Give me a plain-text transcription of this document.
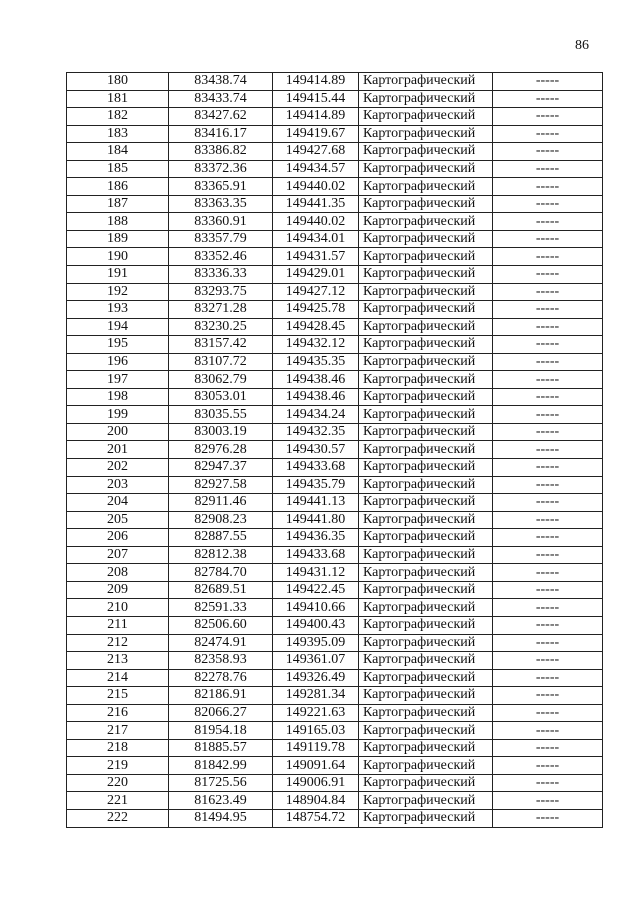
86
180	83438.74	149414.89	Картографический	-----
181	83433.74	149415.44	Картографический	-----
182	83427.62	149414.89	Картографический	-----
183	83416.17	149419.67	Картографический	-----
184	83386.82	149427.68	Картографический	-----
185	83372.36	149434.57	Картографический	-----
186	83365.91	149440.02	Картографический	-----
187	83363.35	149441.35	Картографический	-----
188	83360.91	149440.02	Картографический	-----
189	83357.79	149434.01	Картографический	-----
190	83352.46	149431.57	Картографический	-----
191	83336.33	149429.01	Картографический	-----
192	83293.75	149427.12	Картографический	-----
193	83271.28	149425.78	Картографический	-----
194	83230.25	149428.45	Картографический	-----
195	83157.42	149432.12	Картографический	-----
196	83107.72	149435.35	Картографический	-----
197	83062.79	149438.46	Картографический	-----
198	83053.01	149438.46	Картографический	-----
199	83035.55	149434.24	Картографический	-----
200	83003.19	149432.35	Картографический	-----
201	82976.28	149430.57	Картографический	-----
202	82947.37	149433.68	Картографический	-----
203	82927.58	149435.79	Картографический	-----
204	82911.46	149441.13	Картографический	-----
205	82908.23	149441.80	Картографический	-----
206	82887.55	149436.35	Картографический	-----
207	82812.38	149433.68	Картографический	-----
208	82784.70	149431.12	Картографический	-----
209	82689.51	149422.45	Картографический	-----
210	82591.33	149410.66	Картографический	-----
211	82506.60	149400.43	Картографический	-----
212	82474.91	149395.09	Картографический	-----
213	82358.93	149361.07	Картографический	-----
214	82278.76	149326.49	Картографический	-----
215	82186.91	149281.34	Картографический	-----
216	82066.27	149221.63	Картографический	-----
217	81954.18	149165.03	Картографический	-----
218	81885.57	149119.78	Картографический	-----
219	81842.99	149091.64	Картографический	-----
220	81725.56	149006.91	Картографический	-----
221	81623.49	148904.84	Картографический	-----
222	81494.95	148754.72	Картографический	-----
